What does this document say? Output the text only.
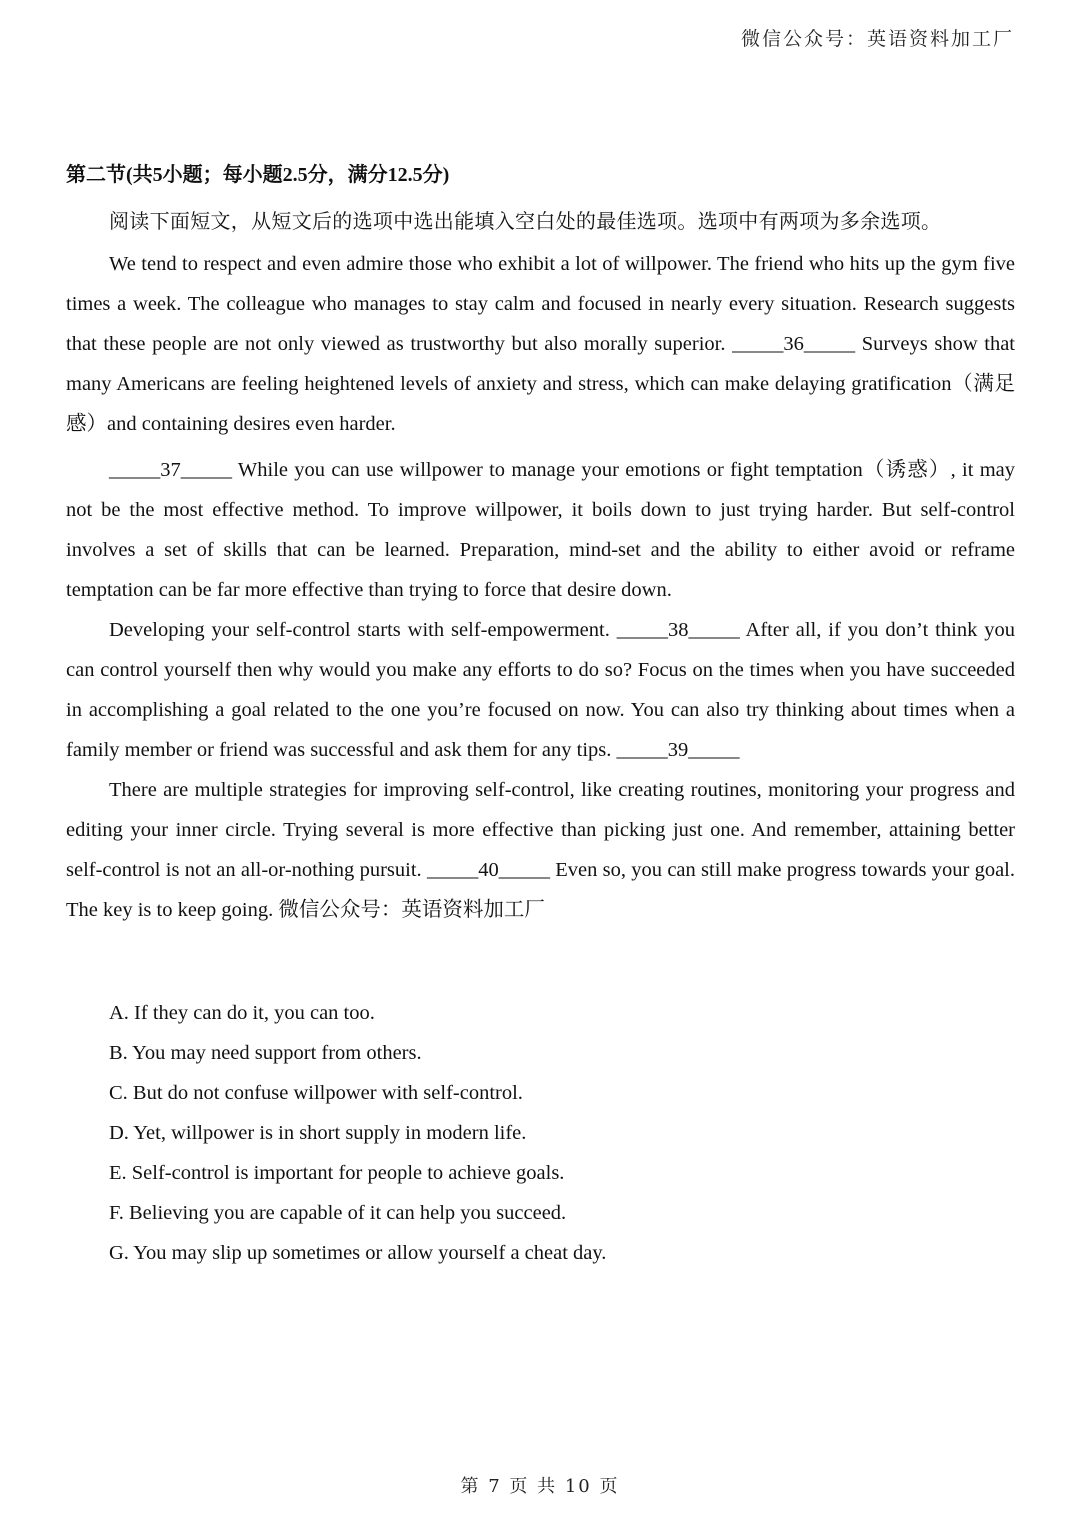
微信公众号：英语资料加工厂

第二节(共5小题；每小题2.5分，满分12.5分)

阅读下面短文，从短文后的选项中选出能填入空白处的最佳选项。选项中有两项为多余选项。

We tend to respect and even admire those who exhibit a lot of willpower. The friend who hits up the gym five times a week. The colleague who manages to stay calm and focused in nearly every situation. Research suggests that these people are not only viewed as trustworthy but also morally superior. _____36_____ Surveys show that many Americans are feeling heightened levels of anxiety and stress, which can make delaying gratification（满足感）and containing desires even harder.

_____37_____ While you can use willpower to manage your emotions or fight temptation（诱惑）, it may not be the most effective method. To improve willpower, it boils down to just trying harder. But self-control involves a set of skills that can be learned. Preparation, mind-set and the ability to either avoid or reframe temptation can be far more effective than trying to force that desire down.

Developing your self-control starts with self-empowerment. _____38_____ After all, if you don’t think you can control yourself then why would you make any efforts to do so? Focus on the times when you have succeeded in accomplishing a goal related to the one you’re focused on now. You can also try thinking about times when a family member or friend was successful and ask them for any tips. _____39_____

There are multiple strategies for improving self-control, like creating routines, monitoring your progress and editing your inner circle. Trying several is more effective than picking just one. And remember, attaining better self-control is not an all-or-nothing pursuit. _____40_____ Even so, you can still make progress towards your goal. The key is to keep going. 微信公众号：英语资料加工厂

A. If they can do it, you can too.

B. You may need support from others.

C. But do not confuse willpower with self-control.

D. Yet, willpower is in short supply in modern life.

E. Self-control is important for people to achieve goals.

F. Believing you are capable of it can help you succeed.

G. You may slip up sometimes or allow yourself a cheat day.

第 7 页 共 10 页
